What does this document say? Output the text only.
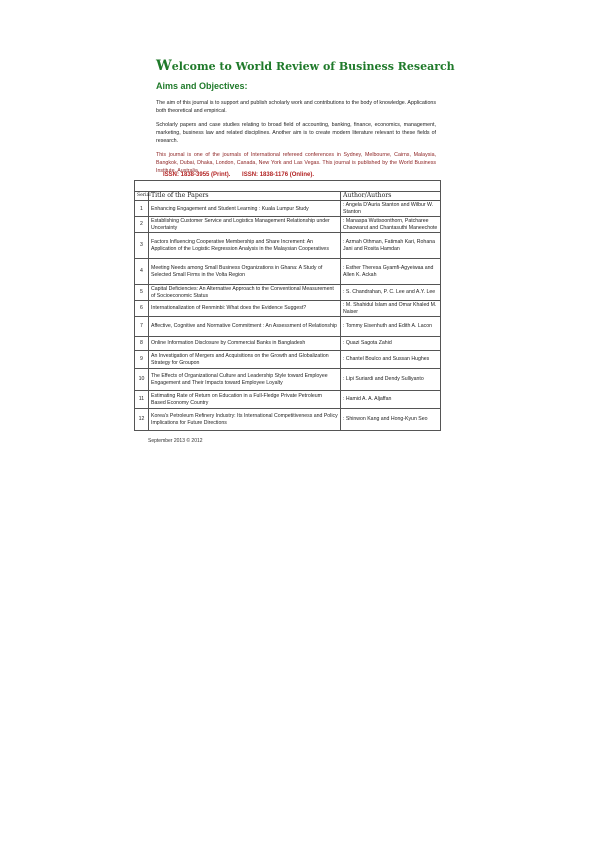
Welcome to World Review of Business Research
Aims and Objectives:
The aim of this journal is to support and publish scholarly work and contributions to the body of knowledge. Applications both theoretical and empirical.
Scholarly papers and case studies relating to broad field of accounting, banking, finance, economics, management, marketing, business law and related disciplines. Another aim is to create modern literature relevant to these fields of research.
This journal is one of the journals of International refereed conferences in Sydney, Melbourne, Cairns, Malaysia, Bangkok, Dubai, Dhaka, London, Canada, New York and Las Vegas. This journal is published by the World Business Institute, Australia.
ISSN: 1838-3955 (Print). ISSN: 1838-1176 (Online).

Serial	Title of the Papers	Author/Authors
1	Enhancing Engagement and Student Learning : Kuala Lumpur Study	: Angela D'Auria Stanton and Wilbur W. Stanton
2	Establishing Customer Service and Logistics Management Relationship under Uncertainty	: Manaspa Wutisoonthorn, Patcharee Chaowarut and Chantasuthi Maneechote
3	Factors Influencing Cooperative Membership and Share Increment: An Application of the Logistic Regression Analysis in the Malaysian Cooperatives	: Azmah Othman, Fatimah Kari, Rohana Jani and Rosita Hamdan
4	Meeting Needs among Small Business Organizations in Ghana: A Study of Selected Small Firms in the Volta Region	: Esther Theresa Gyamfi-Agyeiwaa and Allen K. Ackah
5	Capital Deficiencies: An Alternative Approach to the Conventional Measurement of Socioeconomic Status	: S. Chandrahan, P. C. Lee and A.Y. Lee
6	Internationalization of Renminbi: What does the Evidence Suggest?	: M. Shahidul Islam and Omar Khaled M. Naiser
7	Affective, Cognitive and Normative Commitment : An Assessment of Relationship	: Tommy Eisenhuth and Edith A. Lacon
8	Online Information Disclosure by Commercial Banks in Bangladesh	: Quazi Sagota Zahid
9	An Investigation of Mergers and Acquisitions on the Growth and Globalization Strategy for Groupon	: Chantel Boulco and Sussan Hughes
10	The Effects of Organizational Culture and Leadership Style toward Employee Engagement and Their Impacts toward Employee Loyalty	: Lipi Suriardi and Dendy Sulliyanto
11	Estimating Rate of Return on Education in a Full-Fledge Private Petroleum Based Economy Country	: Hamid A. A. Aljaffan
12	Korea's Petroleum Refinery Industry: Its International Competitiveness and Policy Implications for Future Directions	: Shinwon Kang and Hong-Kyun Seo
September 2013 © 2012
